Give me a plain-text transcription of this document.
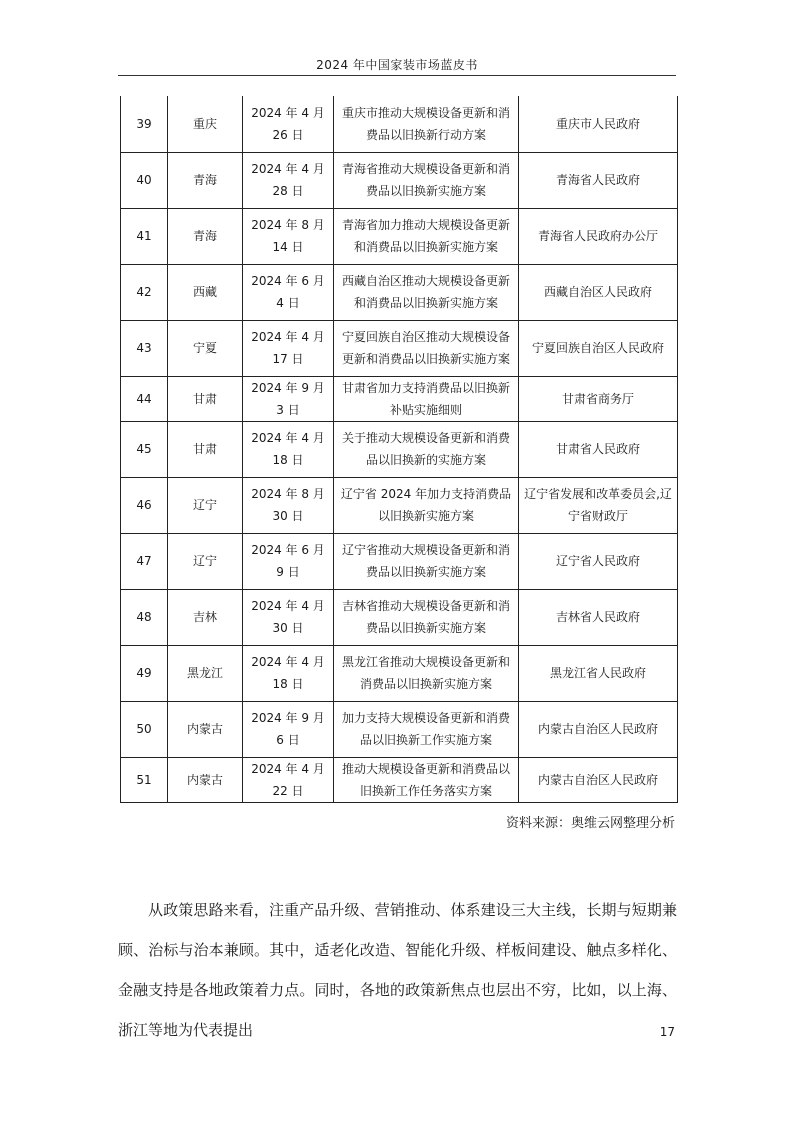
2024 年中国家装市场蓝皮书
39	重庆	2024 年 4 月 26 日	重庆市推动大规模设备更新和消费品以旧换新行动方案	重庆市人民政府
40	青海	2024 年 4 月 28 日	青海省推动大规模设备更新和消费品以旧换新实施方案	青海省人民政府
41	青海	2024 年 8 月 14 日	青海省加力推动大规模设备更新和消费品以旧换新实施方案	青海省人民政府办公厅
42	西藏	2024 年 6 月 4 日	西藏自治区推动大规模设备更新和消费品以旧换新实施方案	西藏自治区人民政府
43	宁夏	2024 年 4 月 17 日	宁夏回族自治区推动大规模设备更新和消费品以旧换新实施方案	宁夏回族自治区人民政府
44	甘肃	2024 年 9 月 3 日	甘肃省加力支持消费品以旧换新补贴实施细则	甘肃省商务厅
45	甘肃	2024 年 4 月 18 日	关于推动大规模设备更新和消费品以旧换新的实施方案	甘肃省人民政府
46	辽宁	2024 年 8 月 30 日	辽宁省 2024 年加力支持消费品以旧换新实施方案	辽宁省发展和改革委员会,辽宁省财政厅
47	辽宁	2024 年 6 月 9 日	辽宁省推动大规模设备更新和消费品以旧换新实施方案	辽宁省人民政府
48	吉林	2024 年 4 月 30 日	吉林省推动大规模设备更新和消费品以旧换新实施方案	吉林省人民政府
49	黑龙江	2024 年 4 月 18 日	黑龙江省推动大规模设备更新和消费品以旧换新实施方案	黑龙江省人民政府
50	内蒙古	2024 年 9 月 6 日	加力支持大规模设备更新和消费品以旧换新工作实施方案	内蒙古自治区人民政府
51	内蒙古	2024 年 4 月 22 日	推动大规模设备更新和消费品以旧换新工作任务落实方案	内蒙古自治区人民政府
资料来源：奥维云网整理分析
从政策思路来看，注重产品升级、营销推动、体系建设三大主线，长期与短期兼顾、治标与治本兼顾。其中，适老化改造、智能化升级、样板间建设、触点多样化、金融支持是各地政策着力点。同时，各地的政策新焦点也层出不穷，比如，以上海、浙江等地为代表提出	17
